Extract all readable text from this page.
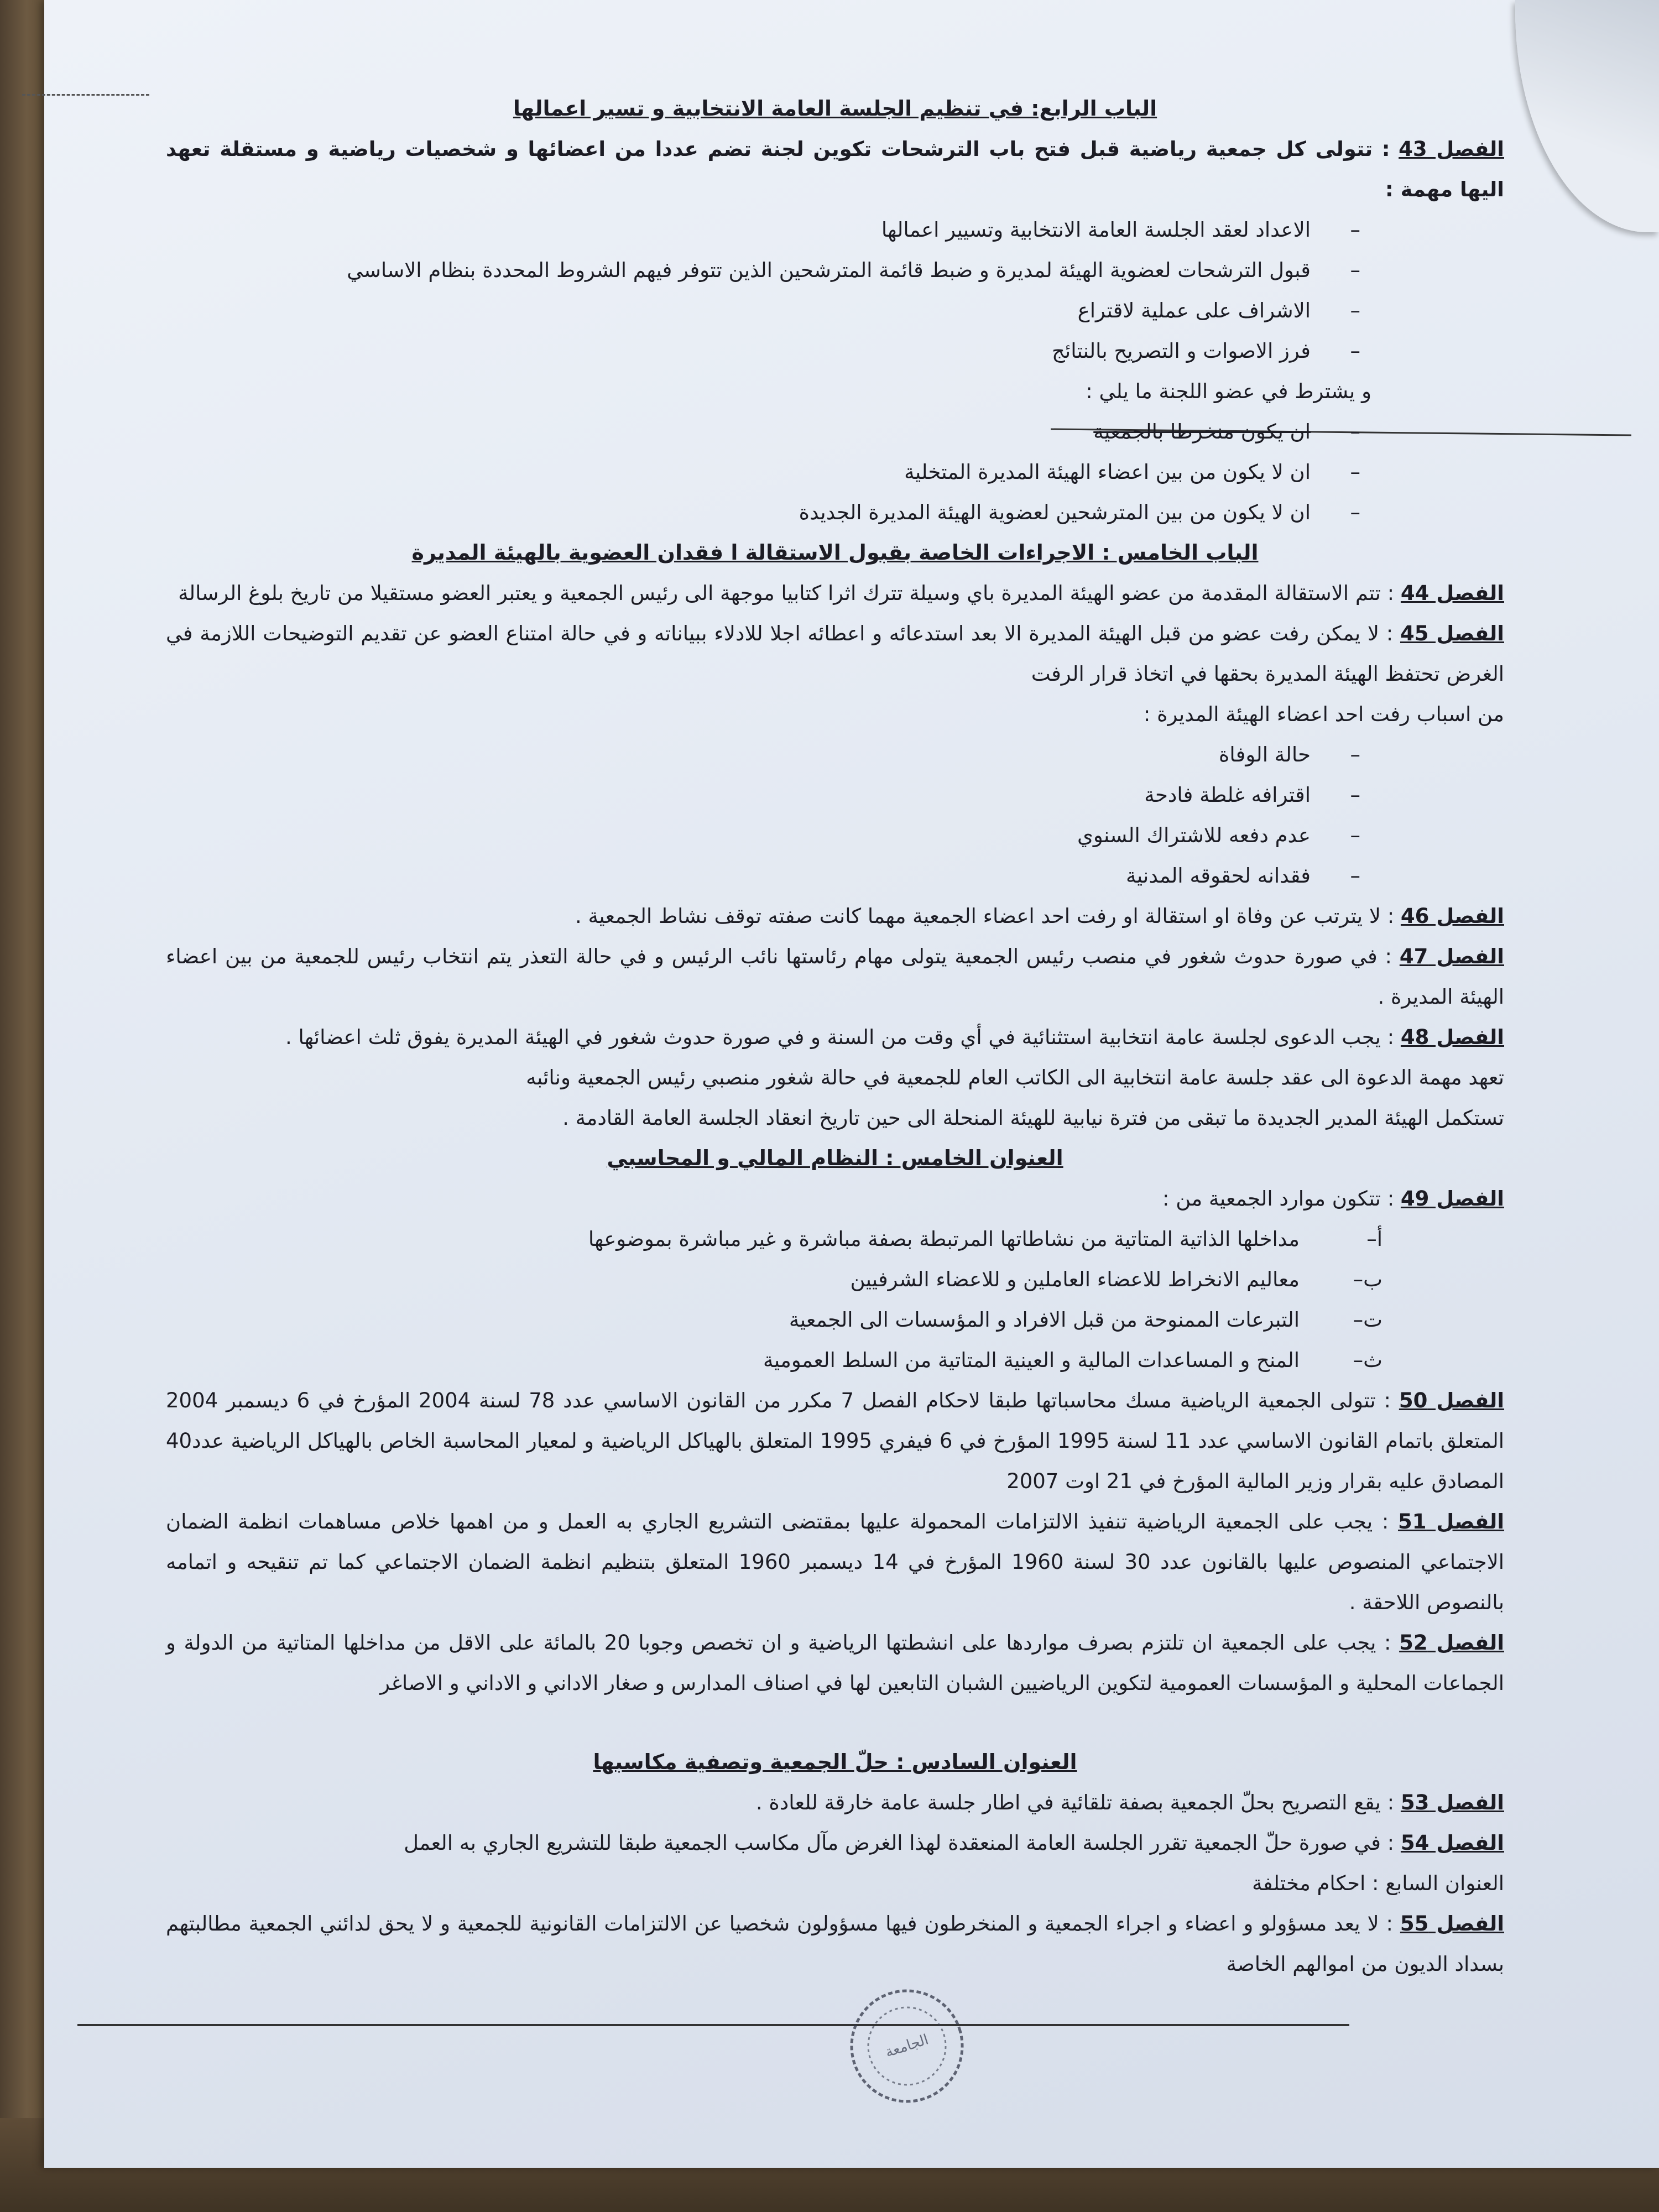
الباب الرابع: في تنظيم الجلسة العامة الانتخابية و تسير اعمالها

الفصل 43 : تتولى كل جمعية رياضية قبل فتح باب الترشحات تكوين لجنة تضم عددا من اعضائها و شخصيات رياضية و مستقلة تعهد اليها مهمة :

– الاعداد لعقد الجلسة العامة الانتخابية وتسيير اعمالها
– قبول الترشحات لعضوية الهيئة لمديرة و ضبط قائمة المترشحين الذين تتوفر فيهم الشروط المحددة بنظام الاساسي
– الاشراف على عملية لاقتراع
– فرز الاصوات و التصريح بالنتائج

و يشترط في عضو اللجنة ما يلي :

– ان يكون منخرطا بالجمعية
– ان لا يكون من بين اعضاء الهيئة المديرة المتخلية
– ان لا يكون من بين المترشحين لعضوية الهيئة المديرة الجديدة

الباب الخامس : الاجراءات الخاصة بقبول الاستقالة ا فقدان العضوية بالهيئة المديرة

الفصل 44 : تتم الاستقالة المقدمة من عضو الهيئة المديرة باي وسيلة تترك اثرا كتابيا موجهة الى رئيس الجمعية و يعتبر العضو مستقيلا من تاريخ بلوغ الرسالة

الفصل 45 : لا يمكن رفت عضو من قبل الهيئة المديرة الا بعد استدعائه و اعطائه اجلا للادلاء ببياناته و في حالة امتناع العضو عن تقديم التوضيحات اللازمة في الغرض تحتفظ الهيئة المديرة بحقها في اتخاذ قرار الرفت

من اسباب رفت احد اعضاء الهيئة المديرة :

– حالة الوفاة
– اقترافه غلطة فادحة
– عدم دفعه للاشتراك السنوي
– فقدانه لحقوقه المدنية

الفصل 46 : لا يترتب عن وفاة او استقالة او رفت احد اعضاء الجمعية مهما كانت صفته توقف نشاط الجمعية .

الفصل 47 : في صورة حدوث شغور في منصب رئيس الجمعية يتولى مهام رئاستها نائب الرئيس و في حالة التعذر يتم انتخاب رئيس للجمعية من بين اعضاء الهيئة المديرة .

الفصل 48 : يجب الدعوى لجلسة عامة انتخابية استثنائية في أي وقت من السنة و في صورة حدوث شغور في الهيئة المديرة يفوق ثلث اعضائها .

تعهد مهمة الدعوة الى عقد جلسة عامة انتخابية الى الكاتب العام للجمعية في حالة شغور منصبي رئيس الجمعية ونائبه

تستكمل الهيئة المدير الجديدة ما تبقى من فترة نيابية للهيئة المنحلة الى حين تاريخ انعقاد الجلسة العامة القادمة .

العنوان الخامس : النظام المالي و المحاسبي

الفصل 49 : تتكون موارد الجمعية من :

أ–
مداخلها الذاتية المتاتية من نشاطاتها المرتبطة بصفة مباشرة و غير مباشرة بموضوعها
ب–
معاليم الانخراط للاعضاء العاملين و للاعضاء الشرفيين
ت–
التبرعات الممنوحة من قبل الافراد و المؤسسات الى الجمعية
ث–
المنح و المساعدات المالية و العينية المتاتية من السلط العمومية

الفصل 50 : تتولى الجمعية الرياضية مسك محاسباتها طبقا لاحكام الفصل 7 مكرر من القانون الاساسي عدد 78 لسنة 2004 المؤرخ في 6 ديسمبر 2004 المتعلق باتمام القانون الاساسي عدد 11 لسنة 1995 المؤرخ في 6 فيفري 1995 المتعلق بالهياكل الرياضية و لمعيار المحاسبة الخاص بالهياكل الرياضية عدد40 المصادق عليه بقرار وزير المالية المؤرخ في 21 اوت 2007

الفصل 51 : يجب على الجمعية الرياضية تنفيذ الالتزامات المحمولة عليها بمقتضى التشريع الجاري به العمل و من اهمها خلاص مساهمات انظمة الضمان الاجتماعي المنصوص عليها بالقانون عدد 30 لسنة 1960 المؤرخ في 14 ديسمبر 1960 المتعلق بتنظيم انظمة الضمان الاجتماعي كما تم تنقيحه و اتمامه بالنصوص اللاحقة .

الفصل 52 : يجب على الجمعية ان تلتزم بصرف مواردها على انشطتها الرياضية و ان تخصص وجوبا 20 بالمائة على الاقل من مداخلها المتاتية من الدولة و الجماعات المحلية و المؤسسات العمومية لتكوين الرياضيين الشبان التابعين لها في اصناف المدارس و صغار الاداني و الاداني و الاصاغر

العنوان السادس : حلّ الجمعية وتصفية مكاسبها

الفصل 53 : يقع التصريح بحلّ الجمعية بصفة تلقائية في اطار جلسة عامة خارقة للعادة .

الفصل 54 : في صورة حلّ الجمعية تقرر الجلسة العامة المنعقدة لهذا الغرض مآل مكاسب الجمعية طبقا للتشريع الجاري به العمل

العنوان السابع : احكام مختلفة

الفصل 55 : لا يعد مسؤولو و اعضاء و اجراء الجمعية و المنخرطون فيها مسؤولون شخصيا عن الالتزامات القانونية للجمعية و لا يحق لدائني الجمعية مطالبتهم بسداد الديون من اموالهم الخاصة

الجامعة
